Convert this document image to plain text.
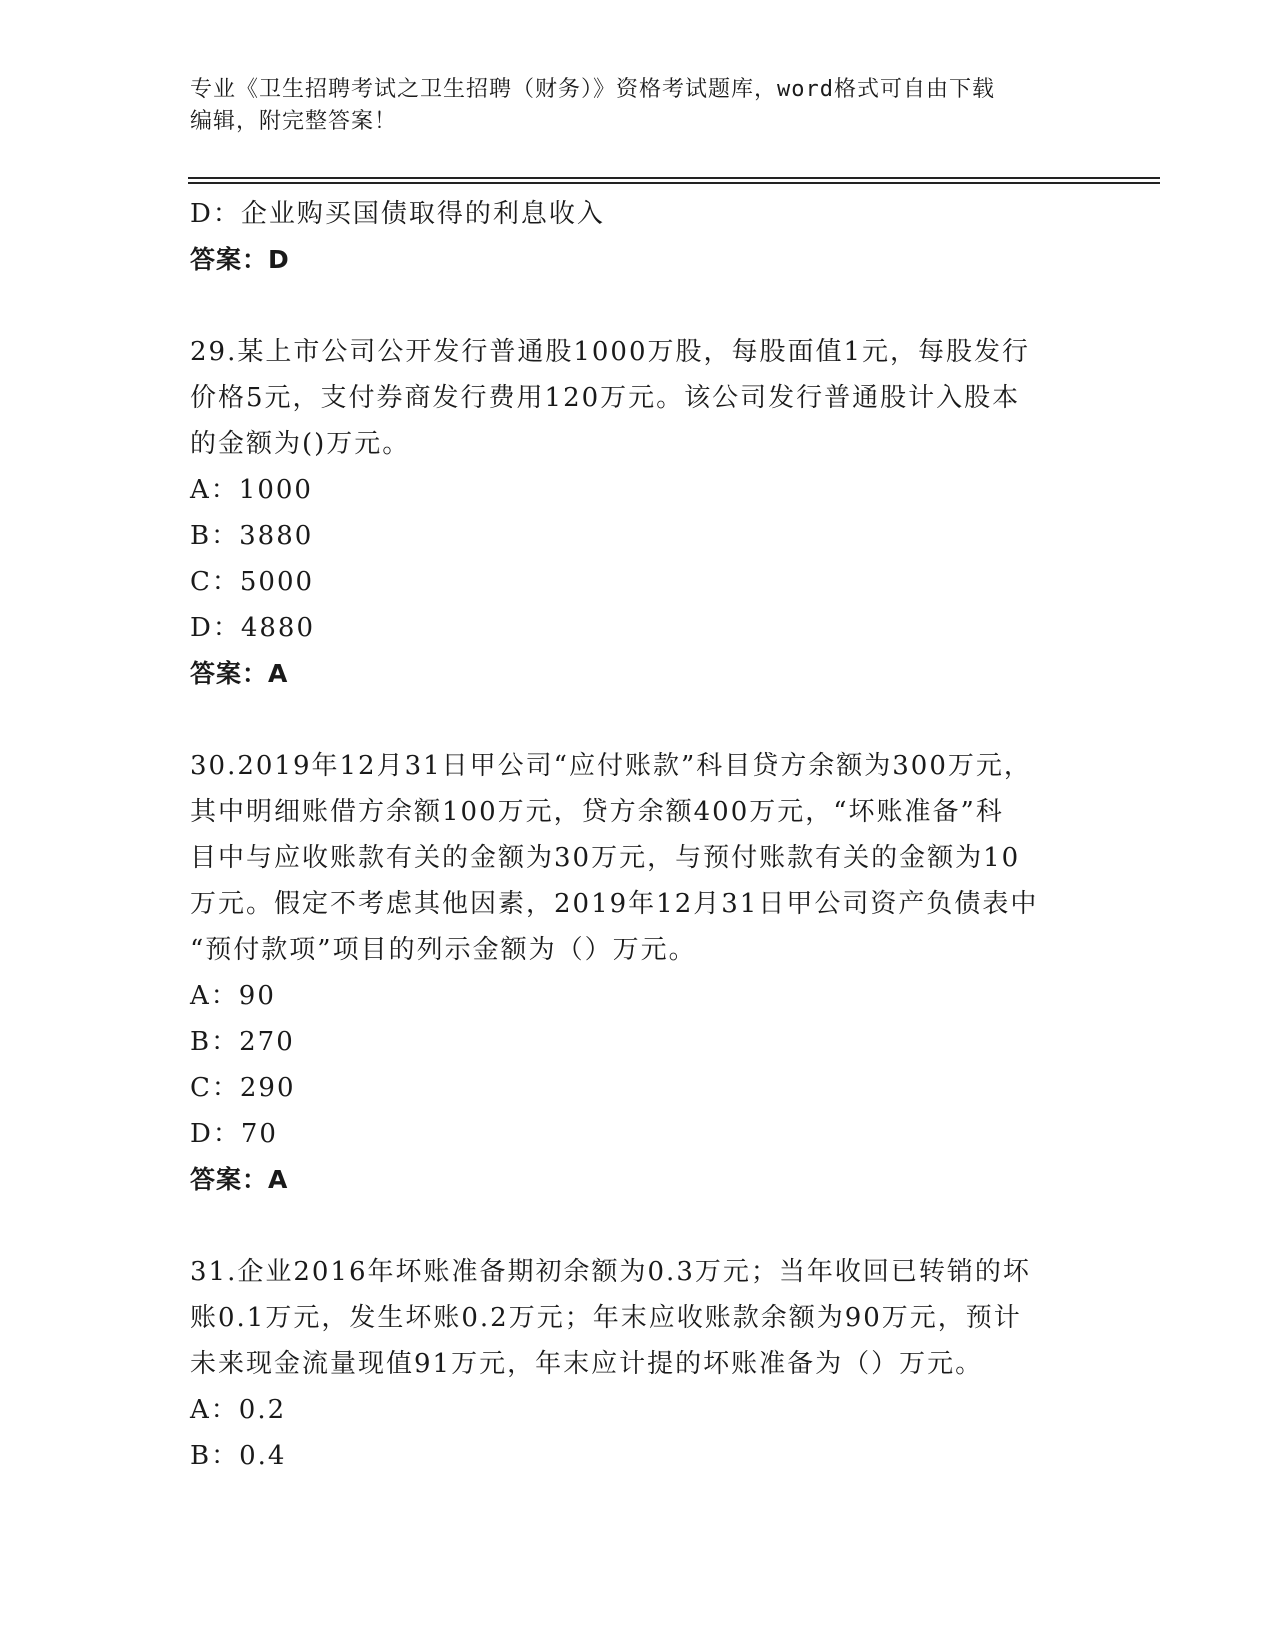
专业《卫生招聘考试之卫生招聘（财务）》资格考试题库，word格式可自由下载
编辑，附完整答案！
D：企业购买国债取得的利息收入
答案：D
29.某上市公司公开发行普通股1000万股，每股面值1元，每股发行
价格5元，支付券商发行费用120万元。该公司发行普通股计入股本
的金额为()万元。
A：1000
B：3880
C：5000
D：4880
答案：A
30.2019年12月31日甲公司“应付账款”科目贷方余额为300万元，
其中明细账借方余额100万元，贷方余额400万元，“坏账准备”科
目中与应收账款有关的金额为30万元，与预付账款有关的金额为10
万元。假定不考虑其他因素，2019年12月31日甲公司资产负债表中
“预付款项”项目的列示金额为（）万元。
A：90
B：270
C：290
D：70
答案：A
31.企业2016年坏账准备期初余额为0.3万元；当年收回已转销的坏
账0.1万元，发生坏账0.2万元；年末应收账款余额为90万元，预计
未来现金流量现值91万元，年末应计提的坏账准备为（）万元。
A：0.2
B：0.4
